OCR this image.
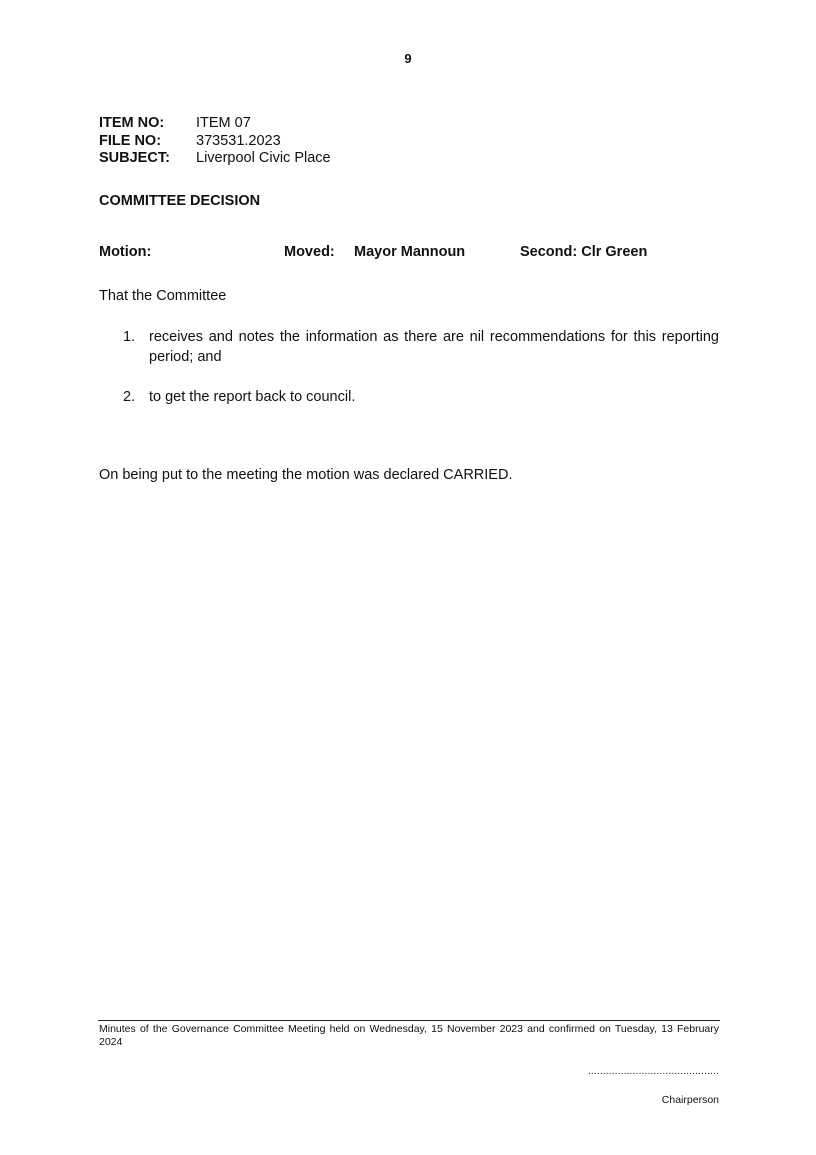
9
ITEM NO:	ITEM 07
FILE NO:	373531.2023
SUBJECT:	Liverpool Civic Place
COMMITTEE DECISION
Motion:	Moved: Mayor Mannoun	Second: Clr Green
That the Committee
1. receives and notes the information as there are nil recommendations for this reporting period; and
2. to get the report back to council.
On being put to the meeting the motion was declared CARRIED.
Minutes of the Governance Committee Meeting held on Wednesday, 15 November 2023 and confirmed on Tuesday, 13 February 2024
............................................
Chairperson
